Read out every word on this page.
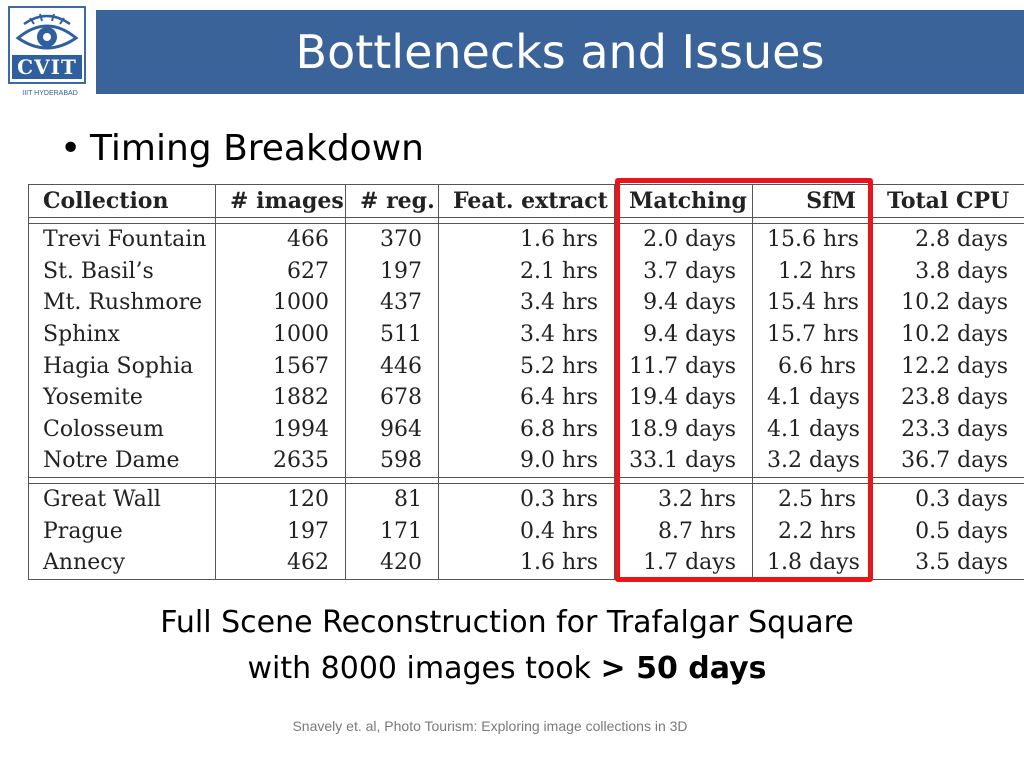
CVIT
IIIT HYDERABAD
Bottlenecks and Issues
• Timing Breakdown
Collection	# images	# reg.	Feat. extract	Matching	SfM	Total CPU

Trevi Fountain	466	370	1.6 hrs	2.0 days	15.6 hrs	2.8 days
St. Basil’s	627	197	2.1 hrs	3.7 days	1.2 hrs	3.8 days
Mt. Rushmore	1000	437	3.4 hrs	9.4 days	15.4 hrs	10.2 days
Sphinx	1000	511	3.4 hrs	9.4 days	15.7 hrs	10.2 days
Hagia Sophia	1567	446	5.2 hrs	11.7 days	6.6 hrs	12.2 days
Yosemite	1882	678	6.4 hrs	19.4 days	4.1 days	23.8 days
Colosseum	1994	964	6.8 hrs	18.9 days	4.1 days	23.3 days
Notre Dame	2635	598	9.0 hrs	33.1 days	3.2 days	36.7 days

Great Wall	120	81	0.3 hrs	3.2 hrs	2.5 hrs	0.3 days
Prague	197	171	0.4 hrs	8.7 hrs	2.2 hrs	0.5 days
Annecy	462	420	1.6 hrs	1.7 days	1.8 days	3.5 days
Full Scene Reconstruction for Trafalgar Square
with 8000 images took > 50 days
Snavely et. al, Photo Tourism: Exploring image collections in 3D
